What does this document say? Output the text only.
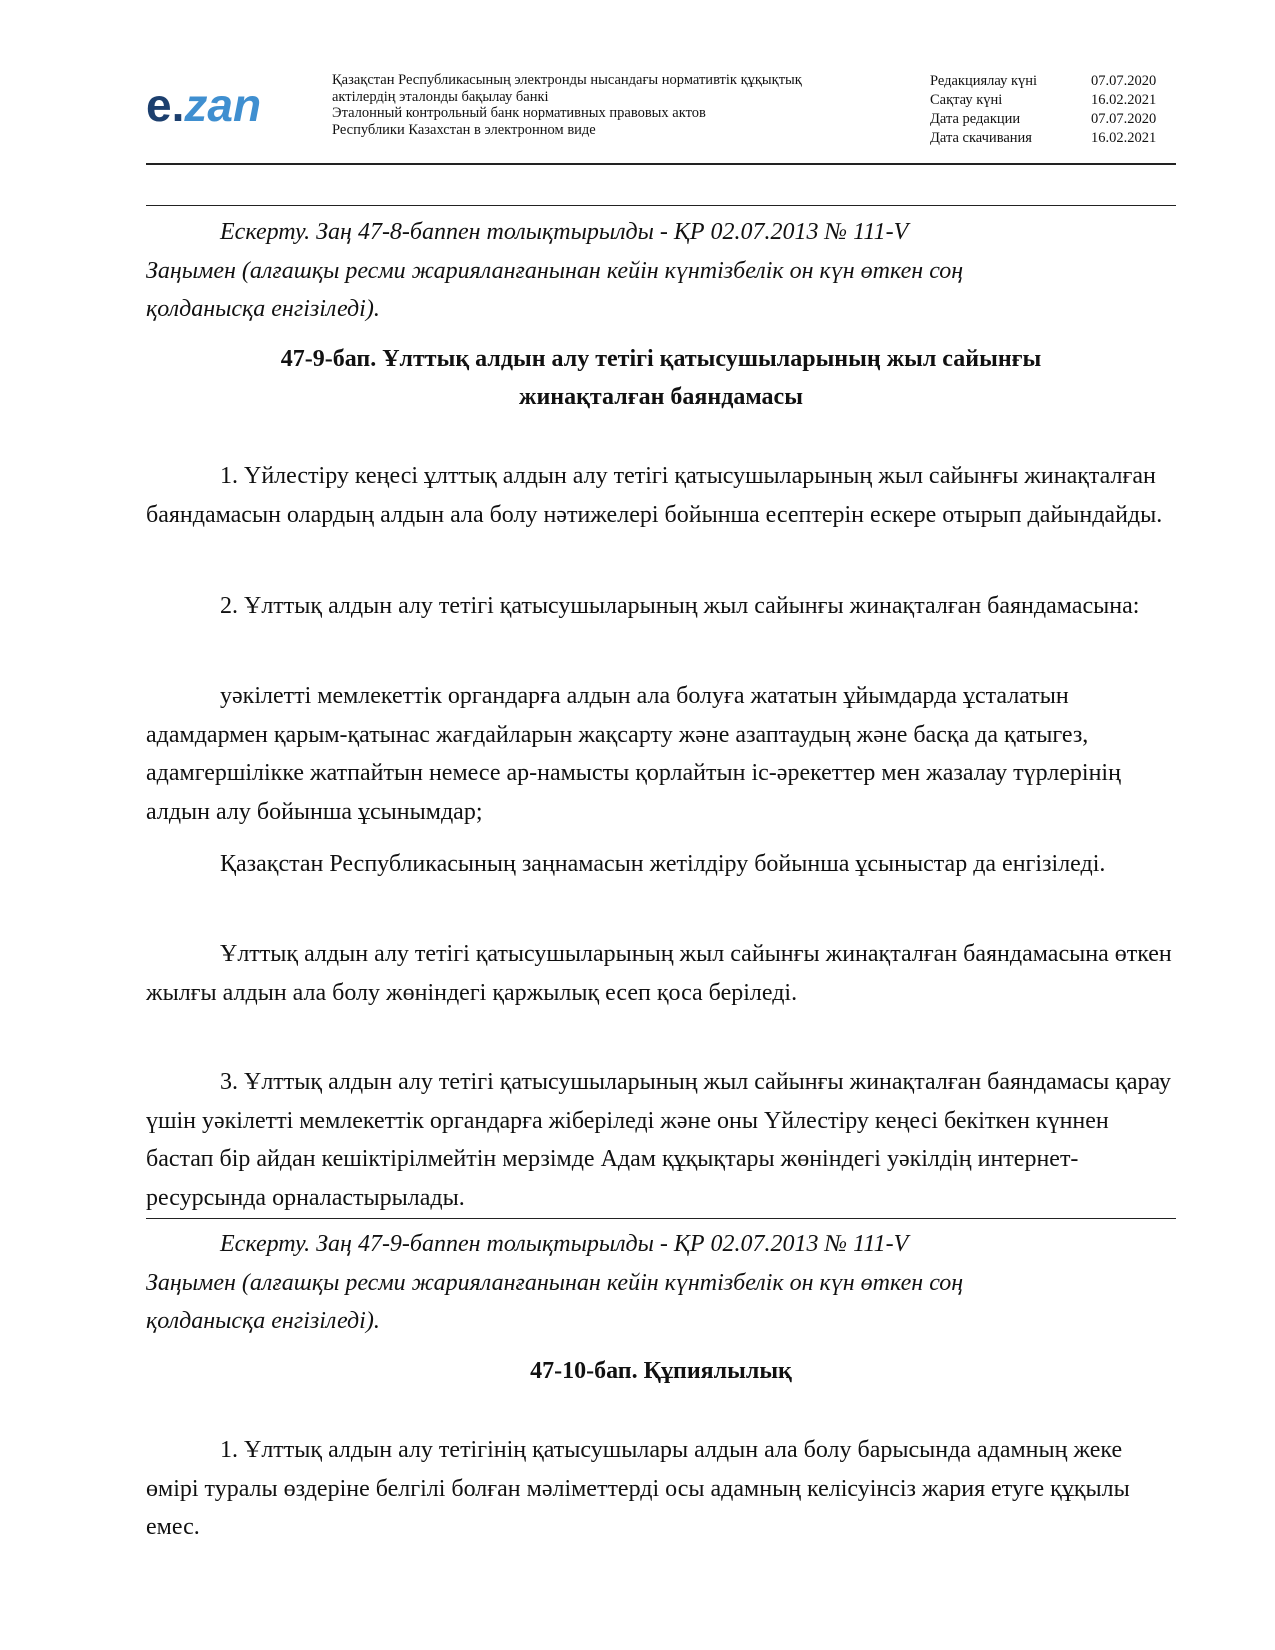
e.zan	Қазақстан Республикасының электронды нысандағы нормативтік құқықтық
актілердің эталонды бақылау банкі
Эталонный контрольный банк нормативных правовых актов
Республики Казахстан в электронном виде
Редакциялау күні	07.07.2020
Сақтау күні	16.02.2021
Дата редакции	07.07.2020
Дата скачивания	16.02.2021
Ескерту. Заң 47-8-баппен толықтырылды - ҚР 02.07.2013 № 111-V
Заңымен (алғашқы ресми жарияланғанынан кейін күнтізбелік он күн өткен соң
қолданысқа енгізіледі).
47-9-бап. Ұлттық алдын алу тетігі қатысушыларының жыл сайынғы
жинақталған баяндамасы

1. Үйлестіру кеңесі ұлттық алдын алу тетігі қатысушыларының жыл сайынғы жинақталған баяндамасын олардың алдын ала болу нәтижелері бойынша есептерін ескере отырып дайындайды.

2. Ұлттық алдын алу тетігі қатысушыларының жыл сайынғы жинақталған баяндамасына:

уәкiлеттi мемлекеттiк органдарға алдын ала болуға жататын ұйымдарда ұсталатын адамдармен қарым-қатынас жағдайларын жақсарту және азаптаудың және басқа да қатыгез, адамгершілікке жатпайтын немесе ар-намысты қорлайтын іс-әрекеттер мен жазалау түрлерінің алдын алу бойынша ұсынымдар;

Қазақстан Республикасының заңнамасын жетiлдiру бойынша ұсыныстар да енгізіледі.

Ұлттық алдын алу тетігі қатысушыларының жыл сайынғы жинақталған баяндамасына өткен жылғы алдын ала болу жөніндегі қаржылық есеп қоса беріледі.

3. Ұлттық алдын алу тетігі қатысушыларының жыл сайынғы жинақталған баяндамасы қарау үшiн уәкiлеттi мемлекеттiк органдарға жiберiледi және оны Үйлестіру кеңесі бекiткен күннен бастап бiр айдан кешiктiрiлмейтiн мерзiмде Адам құқықтары жөнiндегi уәкiлдiң интернет-ресурсында орналастырылады.

Ескерту. Заң 47-9-баппен толықтырылды - ҚР 02.07.2013 № 111-V
Заңымен (алғашқы ресми жарияланғанынан кейін күнтізбелік он күн өткен соң
қолданысқа енгізіледі).
47-10-бап. Құпиялылық

1. Ұлттық алдын алу тетігінің қатысушылары алдын ала болу барысында адамның жеке өмірі туралы өздеріне белгілі болған мәліметтерді осы адамның келісуінсіз жария етуге құқылы емес.
